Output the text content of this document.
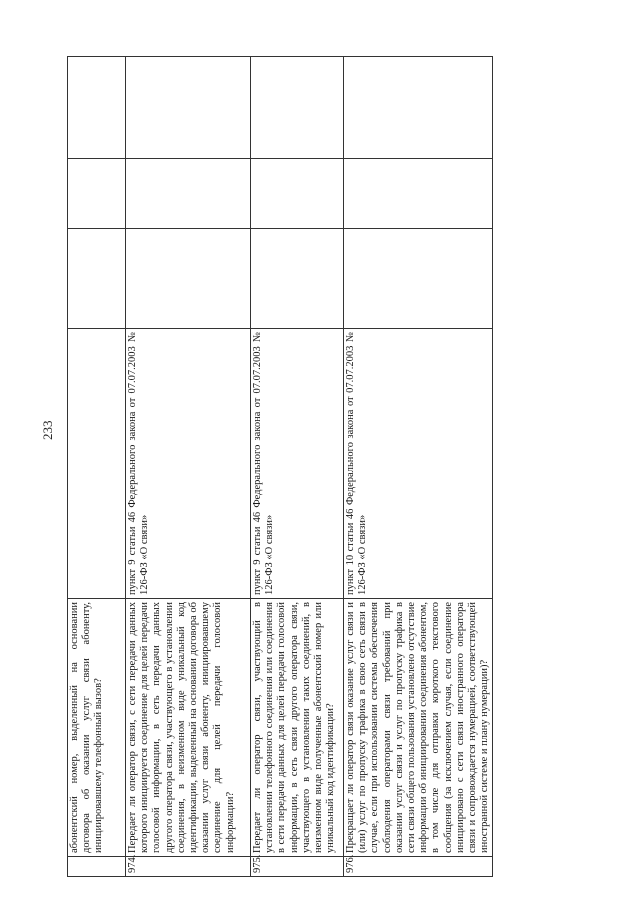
233

	абонентский номер, выделенный на основании договора об оказании услуг связи абоненту, инициировавшему телефонный вызов?				

974.	Передает ли оператор связи, с сети передачи данных которого инициируется соединение для целей передачи голосовой информации, в сеть передачи данных другого оператора связи, участвующего в установлении соединения, в неизменном виде уникальный код идентификации, выделенный на основании договора об оказании услуг связи абоненту, инициировавшему соединение для целей передачи голосовой информации?	пункт 9 статьи 46 Федерального закона от 07.07.2003 № 126-ФЗ «О связи»			

975.	Передает ли оператор связи, участвующий в установлении телефонного соединения или соединения в сети передачи данных для целей передачи голосовой информации, в сеть связи другого оператора связи, участвующего в установлении таких соединений, в неизменном виде полученные абонентский номер или уникальный код идентификации?	пункт 9 статьи 46 Федерального закона от 07.07.2003 № 126-ФЗ «О связи»			

976.	Прекращает ли оператор связи оказание услуг связи и (или) услуг по пропуску трафика в свою сеть связи в случае, если при использовании системы обеспечения соблюдения операторами связи требований при оказании услуг связи и услуг по пропуску трафика в сети связи общего пользования установлено отсутствие информации об инициировании соединения абонентом, в том числе для отправки короткого текстового сообщения (за исключением случая, если соединение инициировано с сети связи иностранного оператора связи и сопровождается нумерацией, соответствующей иностранной системе и плану нумерации)?	пункт 10 статьи 46 Федерального закона от 07.07.2003 № 126-ФЗ «О связи»			
